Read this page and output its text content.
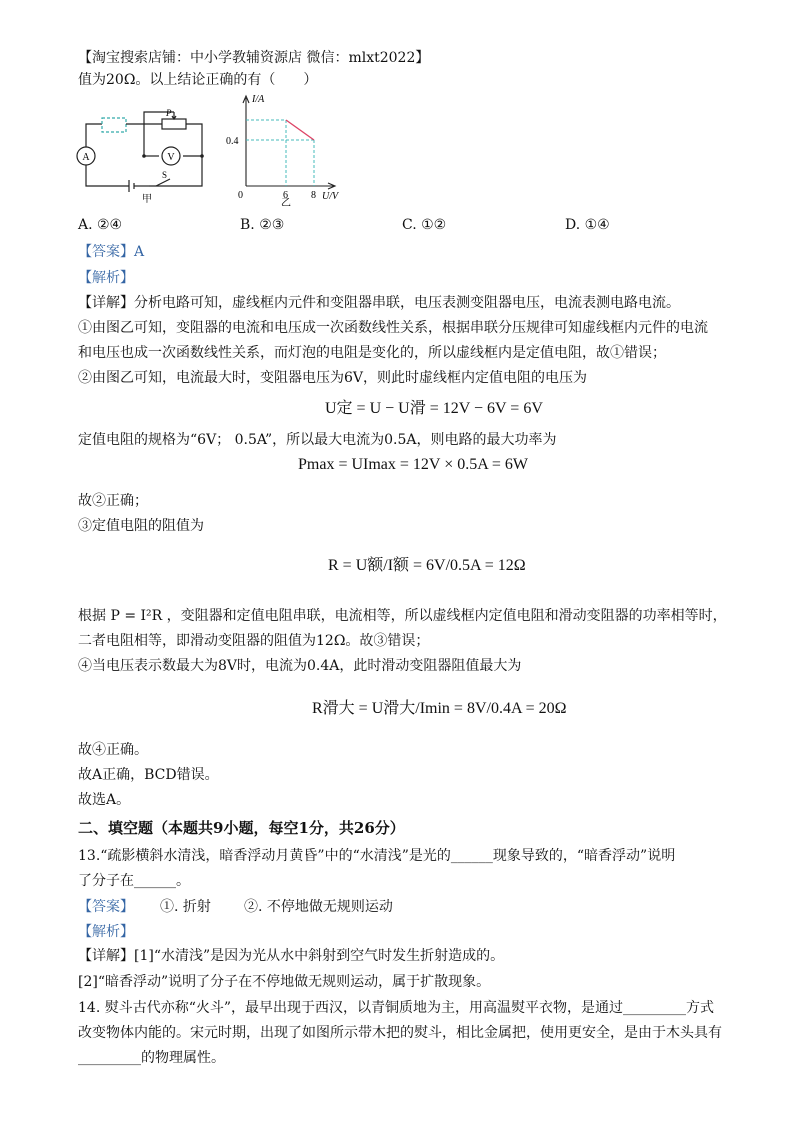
【淘宝搜索店铺：中小学教辅资源店 微信：mlxt2022】
值为20Ω。以上结论正确的有（　　）
A	V
P
S
甲
I/A
0.4
0	6 8 U/V
乙
A. ②④	B. ②③	C. ①②	D. ①④
【答案】A
【解析】
【详解】分析电路可知，虚线框内元件和变阻器串联，电压表测变阻器电压，电流表测电路电流。
①由图乙可知，变阻器的电流和电压成一次函数线性关系，根据串联分压规律可知虚线框内元件的电流
和电压也成一次函数线性关系，而灯泡的电阻是变化的，所以虚线框内是定值电阻，故①错误；
②由图乙可知，电流最大时，变阻器电压为6V，则此时虚线框内定值电阻的电压为
U定 = U − U滑 = 12V − 6V = 6V
定值电阻的规格为“6V； 0.5A”，所以最大电流为0.5A，则电路的最大功率为
Pmax = UImax = 12V × 0.5A = 6W
故②正确；
③定值电阻的阻值为
R = U额/I额 = 6V/0.5A = 12Ω
根据 P = I²R ，变阻器和定值电阻串联，电流相等，所以虚线框内定值电阻和滑动变阻器的功率相等时，
二者电阻相等，即滑动变阻器的阻值为12Ω。故③错误；
④当电压表示数最大为8V时，电流为0.4A，此时滑动变阻器阻值最大为
R滑大 = U滑大/Imin = 8V/0.4A = 20Ω
故④正确。
故A正确，BCD错误。
故选A。
二、填空题（本题共9小题，每空1分，共26分）
13.“疏影横斜水清浅，暗香浮动月黄昏”中的“水清浅”是光的______现象导致的，“暗香浮动”说明
了分子在______。
【答案】 ①. 折射 ②. 不停地做无规则运动
【解析】
【详解】[1]“水清浅”是因为光从水中斜射到空气时发生折射造成的。
[2]“暗香浮动”说明了分子在不停地做无规则运动，属于扩散现象。
14. 熨斗古代亦称“火斗”，最早出现于西汉，以青铜质地为主，用高温熨平衣物，是通过_________方式
改变物体内能的。宋元时期，出现了如图所示带木把的熨斗，相比金属把，使用更安全，是由于木头具有
_________的物理属性。
